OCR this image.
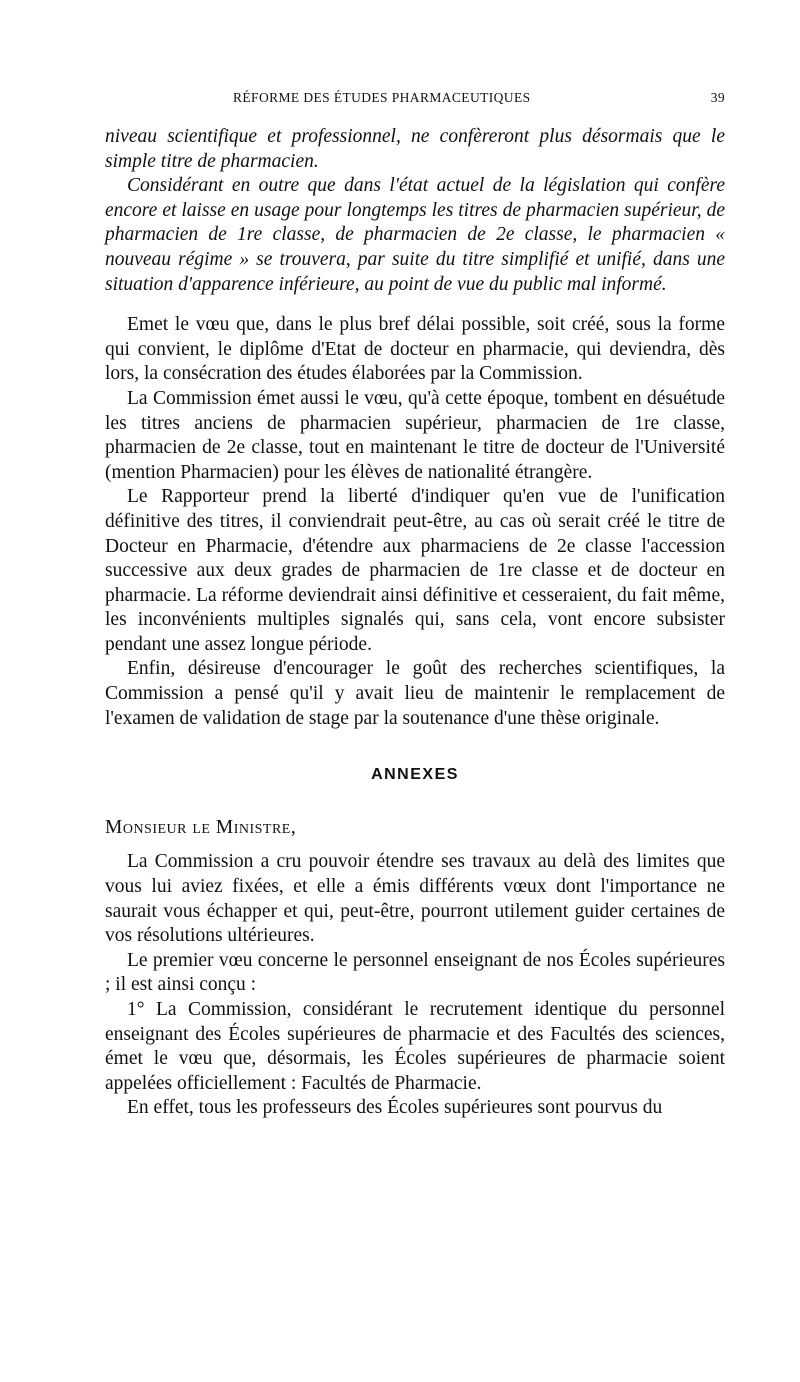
RÉFORME DES ÉTUDES PHARMACEUTIQUES	39

niveau scientifique et professionnel, ne confèreront plus désormais que le simple titre de pharmacien.

Considérant en outre que dans l'état actuel de la législation qui confère encore et laisse en usage pour longtemps les titres de pharmacien supérieur, de pharmacien de 1re classe, de pharmacien de 2e classe, le pharmacien « nouveau régime » se trouvera, par suite du titre simplifié et unifié, dans une situation d'apparence inférieure, au point de vue du public mal informé.

Emet le vœu que, dans le plus bref délai possible, soit créé, sous la forme qui convient, le diplôme d'Etat de docteur en pharmacie, qui deviendra, dès lors, la consécration des études élaborées par la Commission.

La Commission émet aussi le vœu, qu'à cette époque, tombent en désuétude les titres anciens de pharmacien supérieur, pharmacien de 1re classe, pharmacien de 2e classe, tout en maintenant le titre de docteur de l'Université (mention Pharmacien) pour les élèves de nationalité étrangère.

Le Rapporteur prend la liberté d'indiquer qu'en vue de l'unification définitive des titres, il conviendrait peut-être, au cas où serait créé le titre de Docteur en Pharmacie, d'étendre aux pharmaciens de 2e classe l'accession successive aux deux grades de pharmacien de 1re classe et de docteur en pharmacie. La réforme deviendrait ainsi définitive et cesseraient, du fait même, les inconvénients multiples signalés qui, sans cela, vont encore subsister pendant une assez longue période.

Enfin, désireuse d'encourager le goût des recherches scientifiques, la Commission a pensé qu'il y avait lieu de maintenir le remplacement de l'examen de validation de stage par la soutenance d'une thèse originale.

ANNEXES

Monsieur le Ministre,

La Commission a cru pouvoir étendre ses travaux au delà des limites que vous lui aviez fixées, et elle a émis différents vœux dont l'importance ne saurait vous échapper et qui, peut-être, pourront utilement guider certaines de vos résolutions ultérieures.

Le premier vœu concerne le personnel enseignant de nos Écoles supérieures ; il est ainsi conçu :

1° La Commission, considérant le recrutement identique du personnel enseignant des Écoles supérieures de pharmacie et des Facultés des sciences, émet le vœu que, désormais, les Écoles supérieures de pharmacie soient appelées officiellement : Facultés de Pharmacie.

En effet, tous les professeurs des Écoles supérieures sont pourvus du
